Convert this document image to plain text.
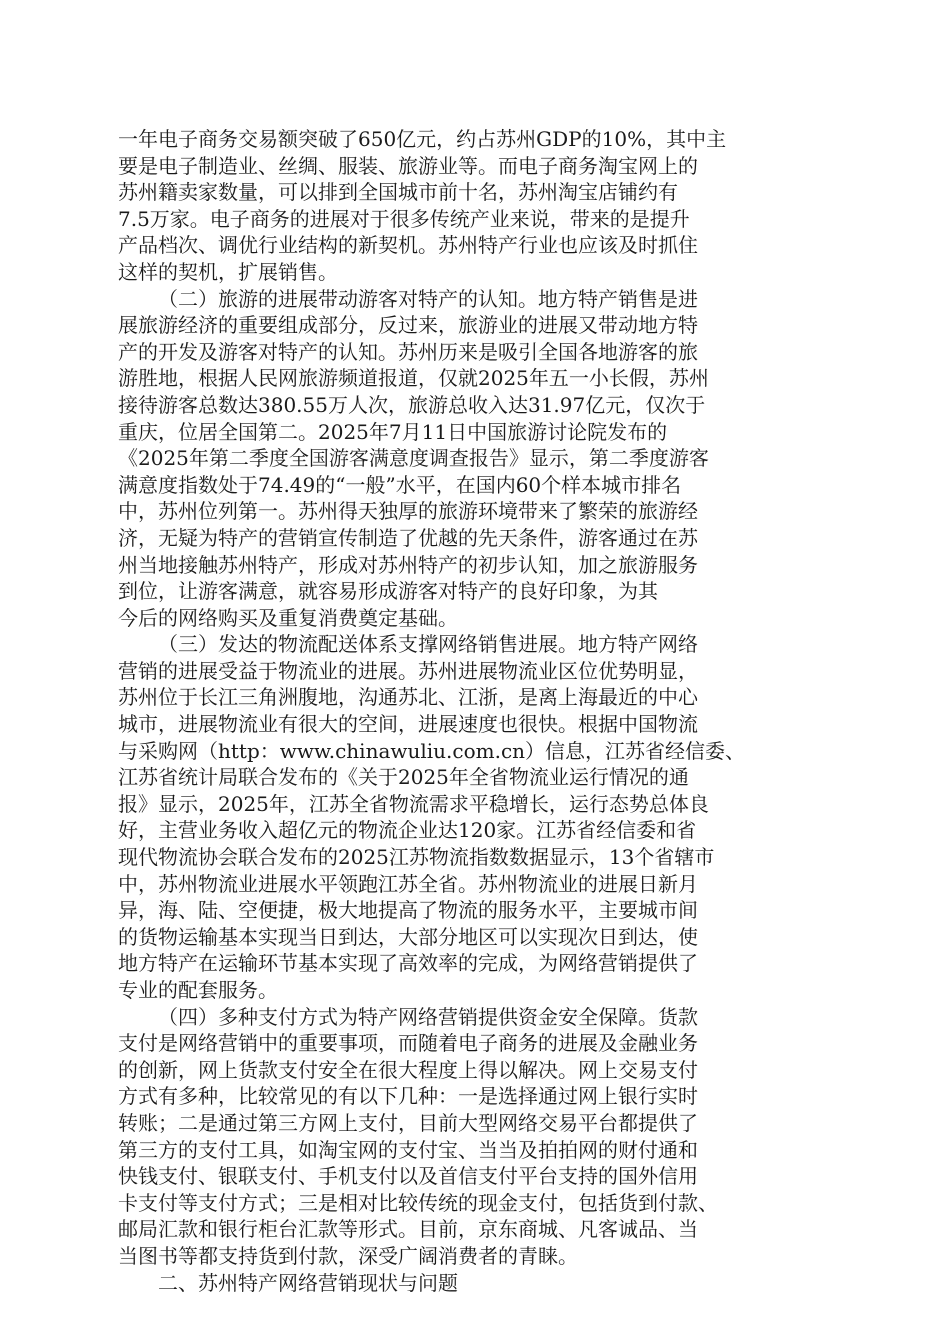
一年电子商务交易额突破了650亿元，约占苏州GDP的10%，其中主
要是电子制造业、丝绸、服装、旅游业等。而电子商务淘宝网上的
苏州籍卖家数量，可以排到全国城市前十名，苏州淘宝店铺约有
7.5万家。电子商务的进展对于很多传统产业来说，带来的是提升
产品档次、调优行业结构的新契机。苏州特产行业也应该及时抓住
这样的契机，扩展销售。
（二）旅游的进展带动游客对特产的认知。地方特产销售是进
展旅游经济的重要组成部分，反过来，旅游业的进展又带动地方特
产的开发及游客对特产的认知。苏州历来是吸引全国各地游客的旅
游胜地，根据人民网旅游频道报道，仅就2025年五一小长假，苏州
接待游客总数达380.55万人次，旅游总收入达31.97亿元，仅次于
重庆，位居全国第二。2025年7月11日中国旅游讨论院发布的
《2025年第二季度全国游客满意度调查报告》显示，第二季度游客
满意度指数处于74.49的“一般”水平，在国内60个样本城市排名
中，苏州位列第一。苏州得天独厚的旅游环境带来了繁荣的旅游经
济，无疑为特产的营销宣传制造了优越的先天条件，游客通过在苏
州当地接触苏州特产，形成对苏州特产的初步认知，加之旅游服务
到位，让游客满意，就容易形成游客对特产的良好印象，为其
今后的网络购买及重复消费奠定基础。
（三）发达的物流配送体系支撑网络销售进展。地方特产网络
营销的进展受益于物流业的进展。苏州进展物流业区位优势明显，
苏州位于长江三角洲腹地，沟通苏北、江浙，是离上海最近的中心
城市，进展物流业有很大的空间，进展速度也很快。根据中国物流
与采购网（http：www.chinawuliu.com.cn）信息，江苏省经信委、
江苏省统计局联合发布的《关于2025年全省物流业运行情况的通
报》显示，2025年，江苏全省物流需求平稳增长，运行态势总体良
好，主营业务收入超亿元的物流企业达120家。江苏省经信委和省
现代物流协会联合发布的2025江苏物流指数数据显示，13个省辖市
中，苏州物流业进展水平领跑江苏全省。苏州物流业的进展日新月
异，海、陆、空便捷，极大地提高了物流的服务水平，主要城市间
的货物运输基本实现当日到达，大部分地区可以实现次日到达，使
地方特产在运输环节基本实现了高效率的完成，为网络营销提供了
专业的配套服务。
（四）多种支付方式为特产网络营销提供资金安全保障。货款
支付是网络营销中的重要事项，而随着电子商务的进展及金融业务
的创新，网上货款支付安全在很大程度上得以解决。网上交易支付
方式有多种，比较常见的有以下几种：一是选择通过网上银行实时
转账；二是通过第三方网上支付，目前大型网络交易平台都提供了
第三方的支付工具，如淘宝网的支付宝、当当及拍拍网的财付通和
快钱支付、银联支付、手机支付以及首信支付平台支持的国外信用
卡支付等支付方式；三是相对比较传统的现金支付，包括货到付款、
邮局汇款和银行柜台汇款等形式。目前，京东商城、凡客诚品、当
当图书等都支持货到付款，深受广阔消费者的青睐。
二、苏州特产网络营销现状与问题
